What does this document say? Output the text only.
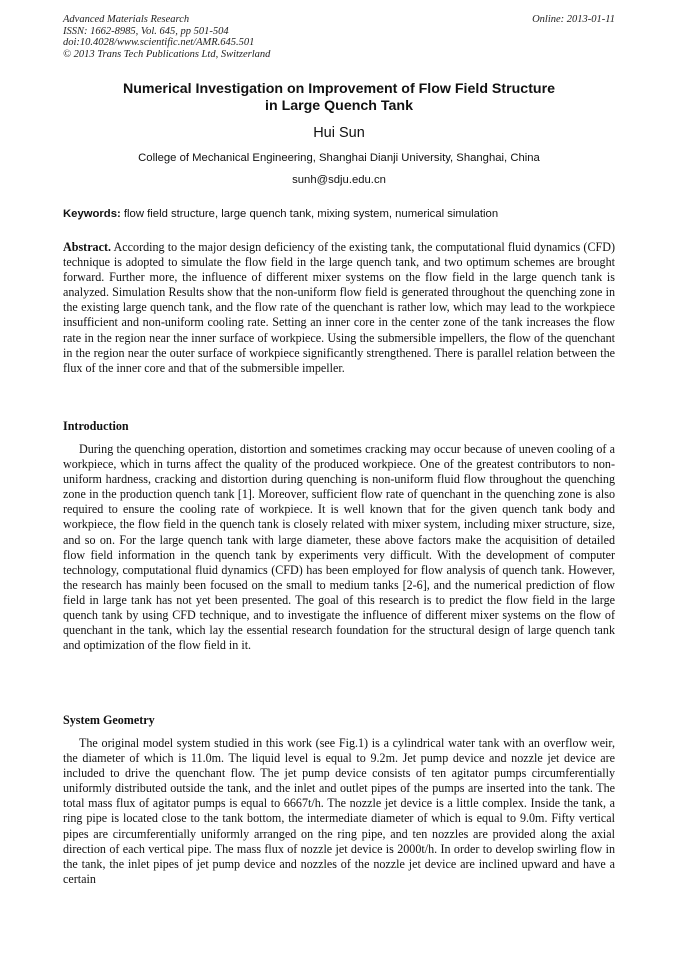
Advanced Materials Research
ISSN: 1662-8985, Vol. 645, pp 501-504
doi:10.4028/www.scientific.net/AMR.645.501
© 2013 Trans Tech Publications Ltd, Switzerland
Online: 2013-01-11
Numerical Investigation on Improvement of Flow Field Structure
in Large Quench Tank
Hui Sun
College of Mechanical Engineering, Shanghai Dianji University, Shanghai, China
sunh@sdju.edu.cn
Keywords: flow field structure, large quench tank, mixing system, numerical simulation
Abstract. According to the major design deficiency of the existing tank, the computational fluid dynamics (CFD) technique is adopted to simulate the flow field in the large quench tank, and two optimum schemes are brought forward. Further more, the influence of different mixer systems on the flow field in the large quench tank is analyzed. Simulation Results show that the non-uniform flow field is generated throughout the quenching zone in the existing large quench tank, and the flow rate of the quenchant is rather low, which may lead to the workpiece insufficient and non-uniform cooling rate. Setting an inner core in the center zone of the tank increases the flow rate in the region near the inner surface of workpiece. Using the submersible impellers, the flow of the quenchant in the region near the outer surface of workpiece significantly strengthened. There is parallel relation between the flux of the inner core and that of the submersible impeller.
Introduction
During the quenching operation, distortion and sometimes cracking may occur because of uneven cooling of a workpiece, which in turns affect the quality of the produced workpiece. One of the greatest contributors to non-uniform hardness, cracking and distortion during quenching is non-uniform fluid flow throughout the quenching zone in the production quench tank [1]. Moreover, sufficient flow rate of quenchant in the quenching zone is also required to ensure the cooling rate of workpiece. It is well known that for the given quench tank body and workpiece, the flow field in the quench tank is closely related with mixer system, including mixer structure, size, and so on. For the large quench tank with large diameter, these above factors make the acquisition of detailed flow field information in the quench tank by experiments very difficult. With the development of computer technology, computational fluid dynamics (CFD) has been employed for flow analysis of quench tank. However, the research has mainly been focused on the small to medium tanks [2-6], and the numerical prediction of flow field in large tank has not yet been presented. The goal of this research is to predict the flow field in the large quench tank by using CFD technique, and to investigate the influence of different mixer systems on the flow of quenchant in the tank, which lay the essential research foundation for the structural design of large quench tank and optimization of the flow field in it.
System Geometry
The original model system studied in this work (see Fig.1) is a cylindrical water tank with an overflow weir, the diameter of which is 11.0m. The liquid level is equal to 9.2m. Jet pump device and nozzle jet device are included to drive the quenchant flow. The jet pump device consists of ten agitator pumps circumferentially uniformly distributed outside the tank, and the inlet and outlet pipes of the pumps are inserted into the tank. The total mass flux of agitator pumps is equal to 6667t/h. The nozzle jet device is a little complex. Inside the tank, a ring pipe is located close to the tank bottom, the intermediate diameter of which is equal to 9.0m. Fifty vertical pipes are circumferentially uniformly arranged on the ring pipe, and ten nozzles are provided along the axial direction of each vertical pipe. The mass flux of nozzle jet device is 2000t/h. In order to develop swirling flow in the tank, the inlet pipes of jet pump device and nozzles of the nozzle jet device are inclined upward and have a certain
